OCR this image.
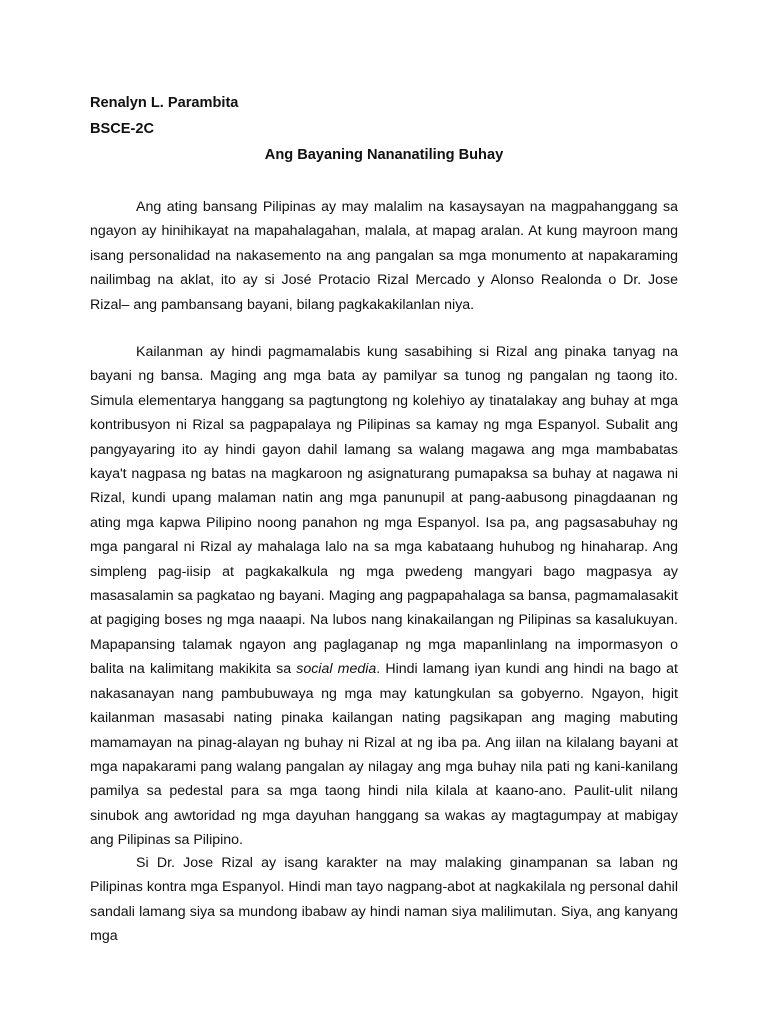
Renalyn L. Parambita

BSCE-2C

Ang Bayaning Nananatiling Buhay

Ang ating bansang Pilipinas ay may malalim na kasaysayan na magpahanggang sa ngayon ay hinihikayat na mapahalagahan, malala, at mapag aralan. At kung mayroon mang isang personalidad na nakasemento na ang pangalan sa mga monumento at napakaraming nailimbag na aklat, ito ay si José Protacio Rizal Mercado y Alonso Realonda o Dr. Jose Rizal– ang pambansang bayani, bilang pagkakakilanlan niya.

Kailanman ay hindi pagmamalabis kung sasabihing si Rizal ang pinaka tanyag na bayani ng bansa. Maging ang mga bata ay pamilyar sa tunog ng pangalan ng taong ito. Simula elementarya hanggang sa pagtungtong ng kolehiyo ay tinatalakay ang buhay at mga kontribusyon ni Rizal sa pagpapalaya ng Pilipinas sa kamay ng mga Espanyol. Subalit ang pangyayaring ito ay hindi gayon dahil lamang sa walang magawa ang mga mambabatas kaya't nagpasa ng batas na magkaroon ng asignaturang pumapaksa sa buhay at nagawa ni Rizal, kundi upang malaman natin ang mga panunupil at pang-aabusong pinagdaanan ng ating mga kapwa Pilipino noong panahon ng mga Espanyol. Isa pa, ang pagsasabuhay ng mga pangaral ni Rizal ay mahalaga lalo na sa mga kabataang huhubog ng hinaharap. Ang simpleng pag-iisip at pagkakalkula ng mga pwedeng mangyari bago magpasya ay masasalamin sa pagkatao ng bayani. Maging ang pagpapahalaga sa bansa, pagmamalasakit at pagiging boses ng mga naaapi. Na lubos nang kinakailangan ng Pilipinas sa kasalukuyan. Mapapansing talamak ngayon ang paglaganap ng mga mapanlinlang na impormasyon o balita na kalimitang makikita sa social media. Hindi lamang iyan kundi ang hindi na bago at nakasanayan nang pambubuwaya ng mga may katungkulan sa gobyerno. Ngayon, higit kailanman masasabi nating pinaka kailangan nating pagsikapan ang maging mabuting mamamayan na pinag-alayan ng buhay ni Rizal at ng iba pa. Ang iilan na kilalang bayani at mga napakarami pang walang pangalan ay nilagay ang mga buhay nila pati ng kani-kanilang pamilya sa pedestal para sa mga taong hindi nila kilala at kaano-ano. Paulit-ulit nilang sinubok ang awtoridad ng mga dayuhan hanggang sa wakas ay magtagumpay at mabigay ang Pilipinas sa Pilipino.

Si Dr. Jose Rizal ay isang karakter na may malaking ginampanan sa laban ng Pilipinas kontra mga Espanyol. Hindi man tayo nagpang-abot at nagkakilala ng personal dahil sandali lamang siya sa mundong ibabaw ay hindi naman siya malilimutan. Siya, ang kanyang mga
